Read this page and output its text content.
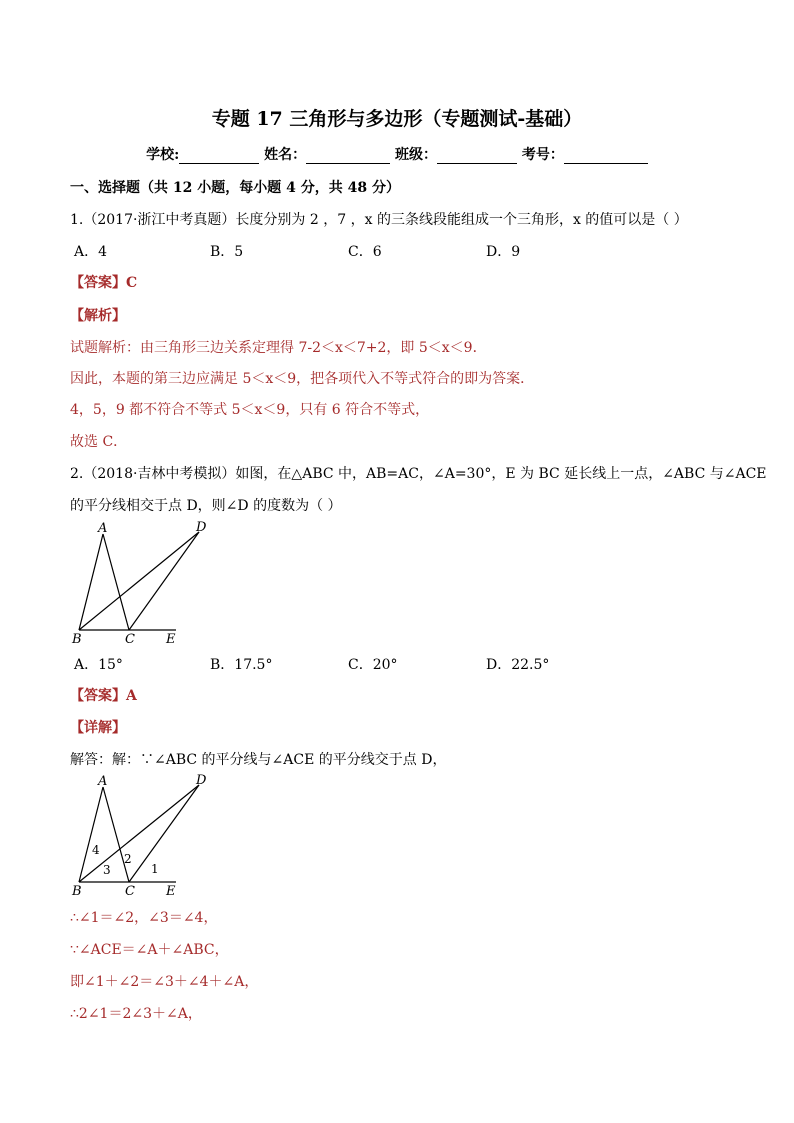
专题 17 三角形与多边形（专题测试-基础）
学校:	姓名：	班级：	考号：
一、选择题（共 12 小题，每小题 4 分，共 48 分）
1.（2017·浙江中考真题）长度分别为 2 ，7 ，x 的三条线段能组成一个三角形，x 的值可以是（ ）
A．4	B．5	C．6	D．9
【答案】C
【解析】
试题解析：由三角形三边关系定理得 7-2＜x＜7+2，即 5＜x＜9．
因此，本题的第三边应满足 5＜x＜9，把各项代入不等式符合的即为答案．
4，5，9 都不符合不等式 5＜x＜9，只有 6 符合不等式，
故选 C．
2.（2018·吉林中考模拟）如图，在△ABC 中，AB=AC，∠A=30°，E 为 BC 延长线上一点，∠ABC 与∠ACE
的平分线相交于点 D，则∠D 的度数为（ ）
A	D
B	C E
A．15°	B．17.5°	C．20°	D．22.5°
【答案】A
【详解】
解答：解：∵∠ABC 的平分线与∠ACE 的平分线交于点 D，
A	D
B	C E
1
2
3
4
∴∠1＝∠2，∠3＝∠4，
∵∠ACE＝∠A＋∠ABC，
即∠1＋∠2＝∠3＋∠4＋∠A，
∴2∠1＝2∠3＋∠A，
